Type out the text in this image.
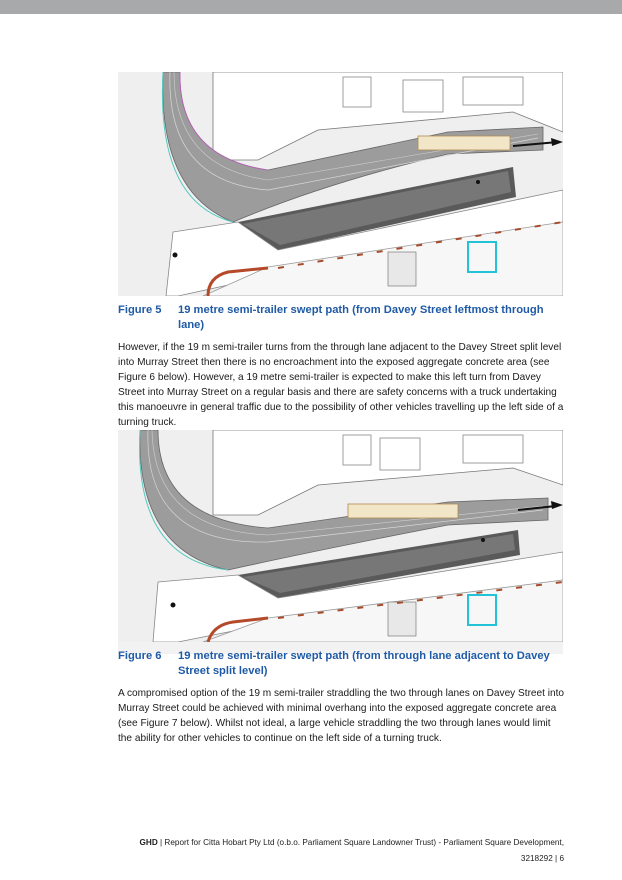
Figure 5 19 metre semi-trailer swept path (from Davey Street leftmost through lane)

However, if the 19 m semi-trailer turns from the through lane adjacent to the Davey Street split level into Murray Street then there is no encroachment into the exposed aggregate concrete area (see Figure 6 below). However, a 19 metre semi-trailer is expected to make this left turn from Davey Street into Murray Street on a regular basis and there are safety concerns with a truck undertaking this manoeuvre in general traffic due to the possibility of other vehicles travelling up the left side of a turning truck.

Figure 6 19 metre semi-trailer swept path (from through lane adjacent to Davey Street split level)

A compromised option of the 19 m semi-trailer straddling the two through lanes on Davey Street into Murray Street could be achieved with minimal overhang into the exposed aggregate concrete area (see Figure 7 below). Whilst not ideal, a large vehicle straddling the two through lanes would limit the ability for other vehicles to continue on the left side of a turning truck.

GHD | Report for Citta Hobart Pty Ltd (o.b.o. Parliament Square Landowner Trust) - Parliament Square Development,
3218292 | 6
